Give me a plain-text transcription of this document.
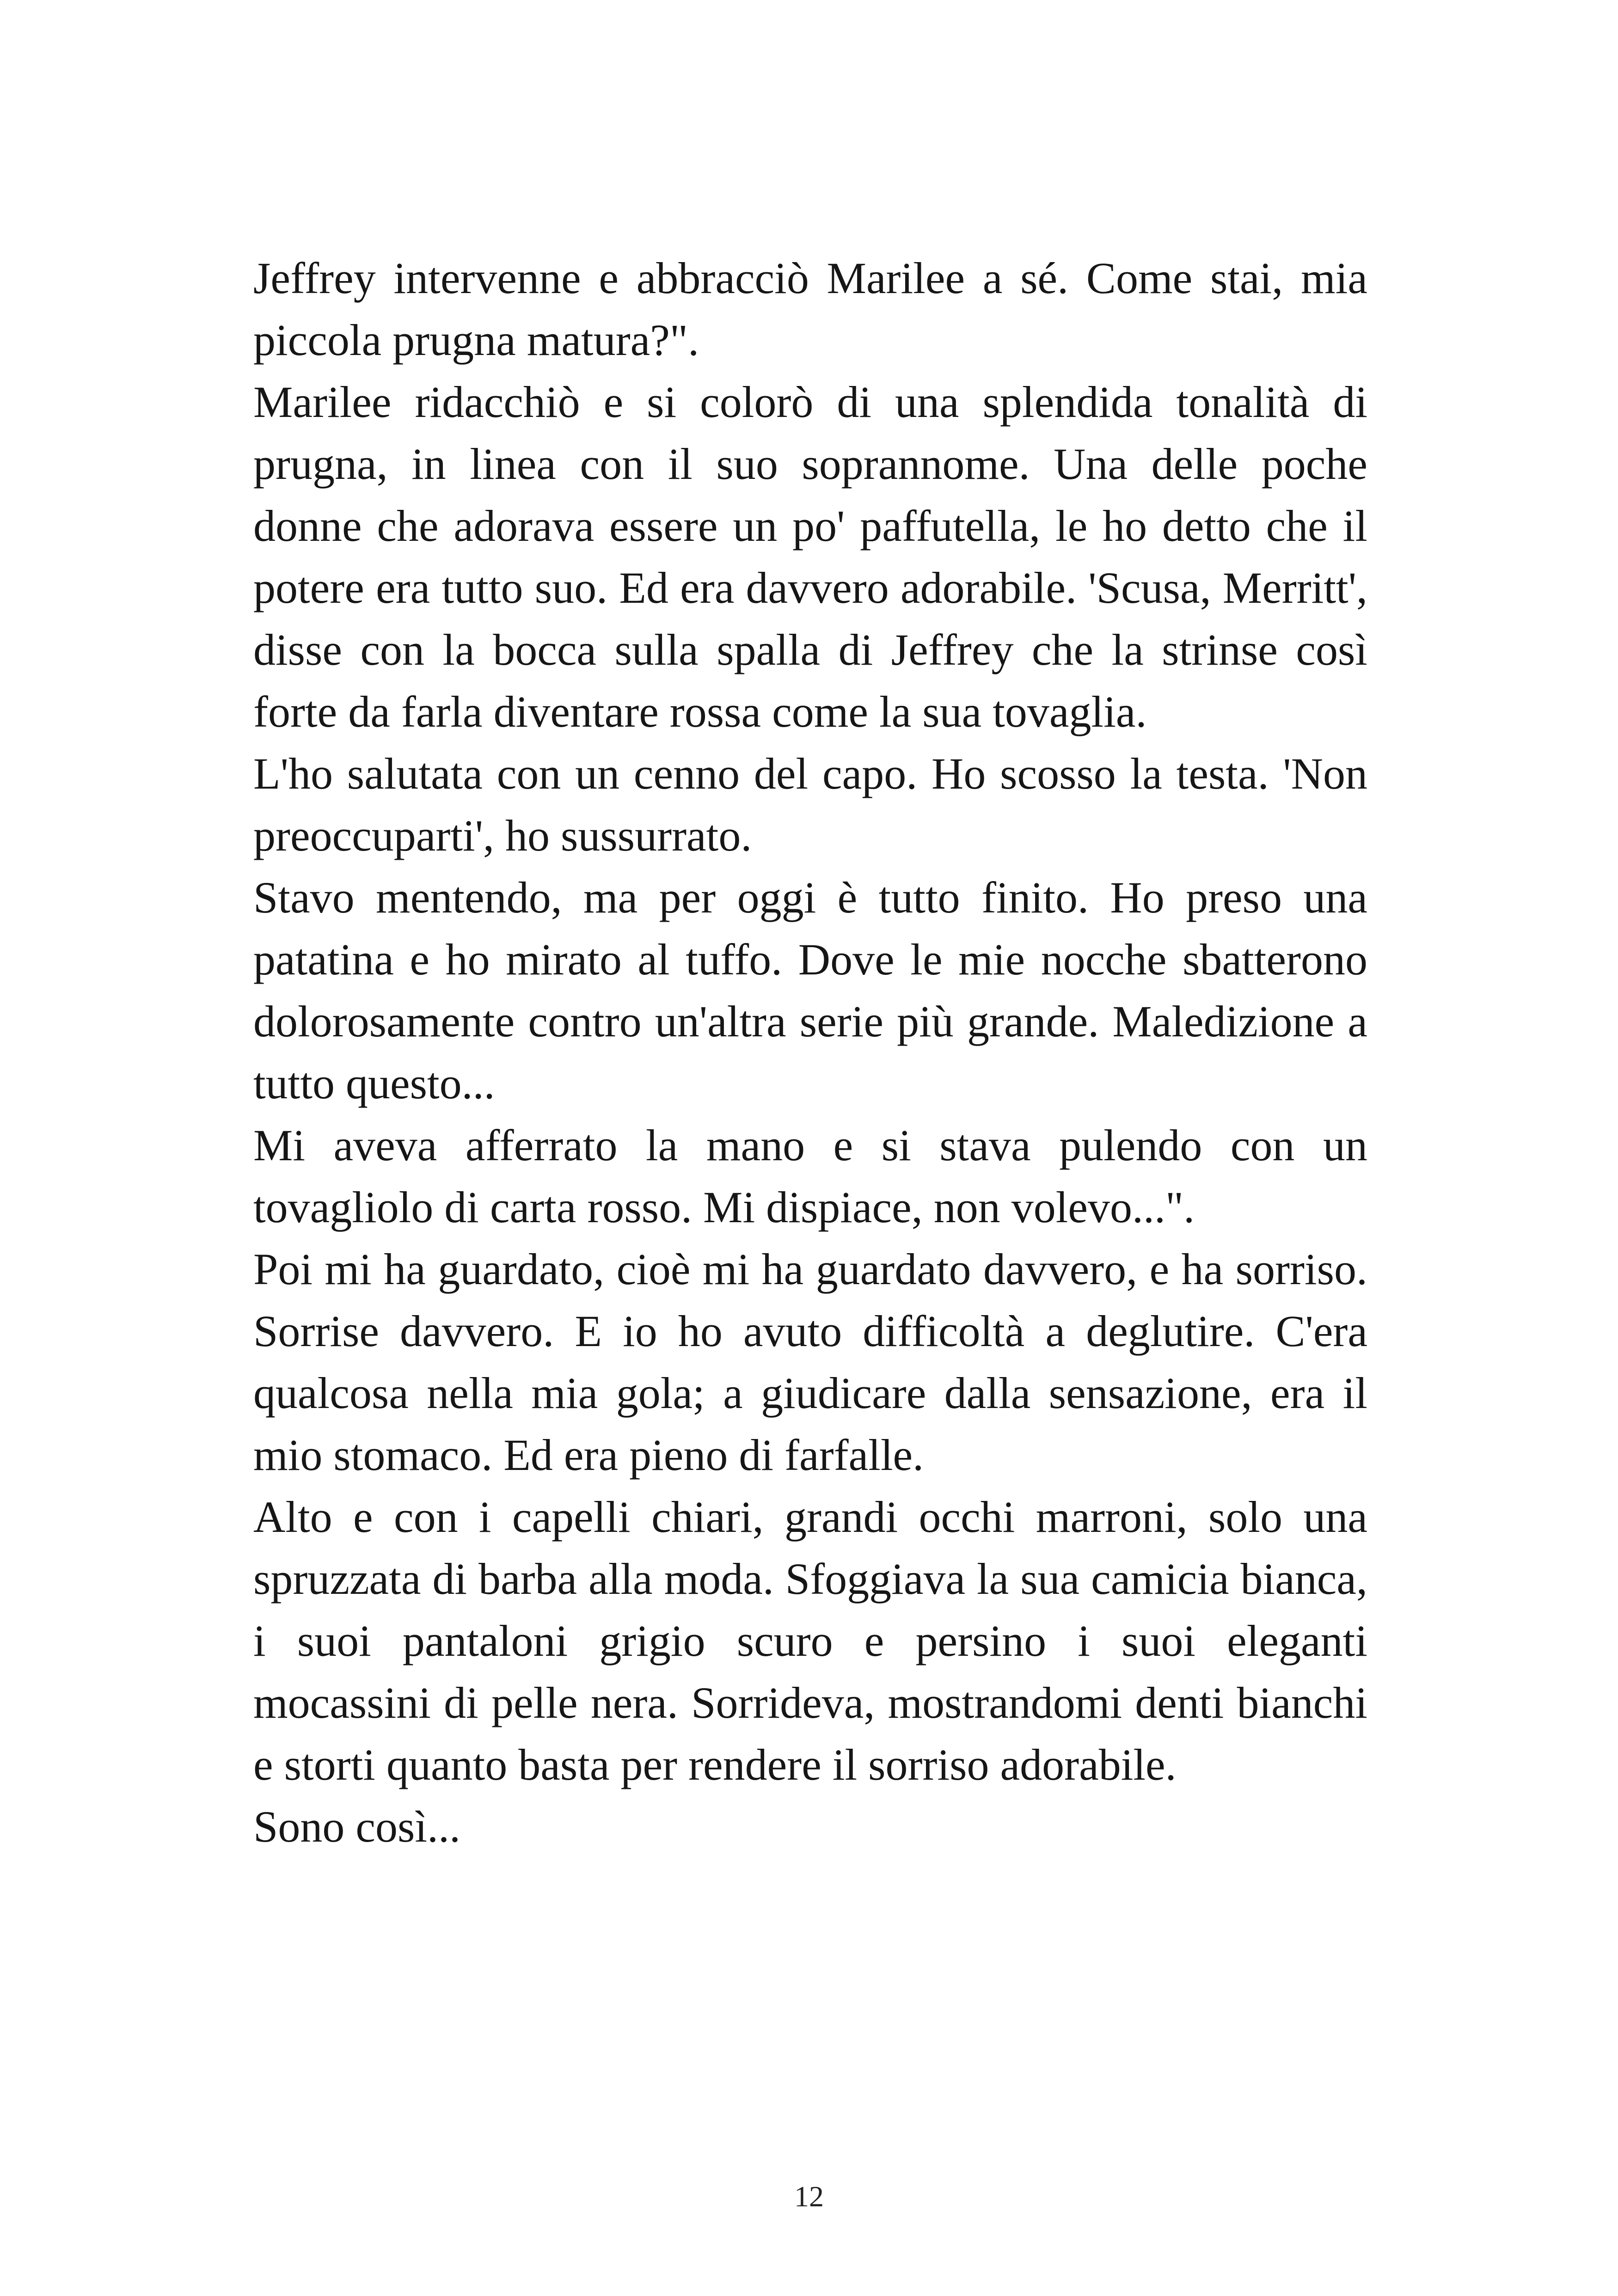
Jeffrey intervenne e abbracciò Marilee a sé. Come stai, mia piccola prugna matura?".

Marilee ridacchiò e si colorò di una splendida tonalità di prugna, in linea con il suo soprannome. Una delle poche donne che adorava essere un po' paffutella, le ho detto che il potere era tutto suo. Ed era davvero adorabile. 'Scusa, Merritt', disse con la bocca sulla spalla di Jeffrey che la strinse così forte da farla diventare rossa come la sua tovaglia.

L'ho salutata con un cenno del capo. Ho scosso la testa. 'Non preoccuparti', ho sussurrato.

Stavo mentendo, ma per oggi è tutto finito. Ho preso una patatina e ho mirato al tuffo. Dove le mie nocche sbatterono dolorosamente contro un'altra serie più grande. Maledizione a tutto questo...

Mi aveva afferrato la mano e si stava pulendo con un tovagliolo di carta rosso. Mi dispiace, non volevo...".

Poi mi ha guardato, cioè mi ha guardato davvero, e ha sorriso. Sorrise davvero. E io ho avuto difficoltà a deglutire. C'era qualcosa nella mia gola; a giudicare dalla sensazione, era il mio stomaco. Ed era pieno di farfalle.

Alto e con i capelli chiari, grandi occhi marroni, solo una spruzzata di barba alla moda. Sfoggiava la sua camicia bianca, i suoi pantaloni grigio scuro e persino i suoi eleganti mocassini di pelle nera. Sorrideva, mostrandomi denti bianchi e storti quanto basta per rendere il sorriso adorabile.

Sono così...

12
